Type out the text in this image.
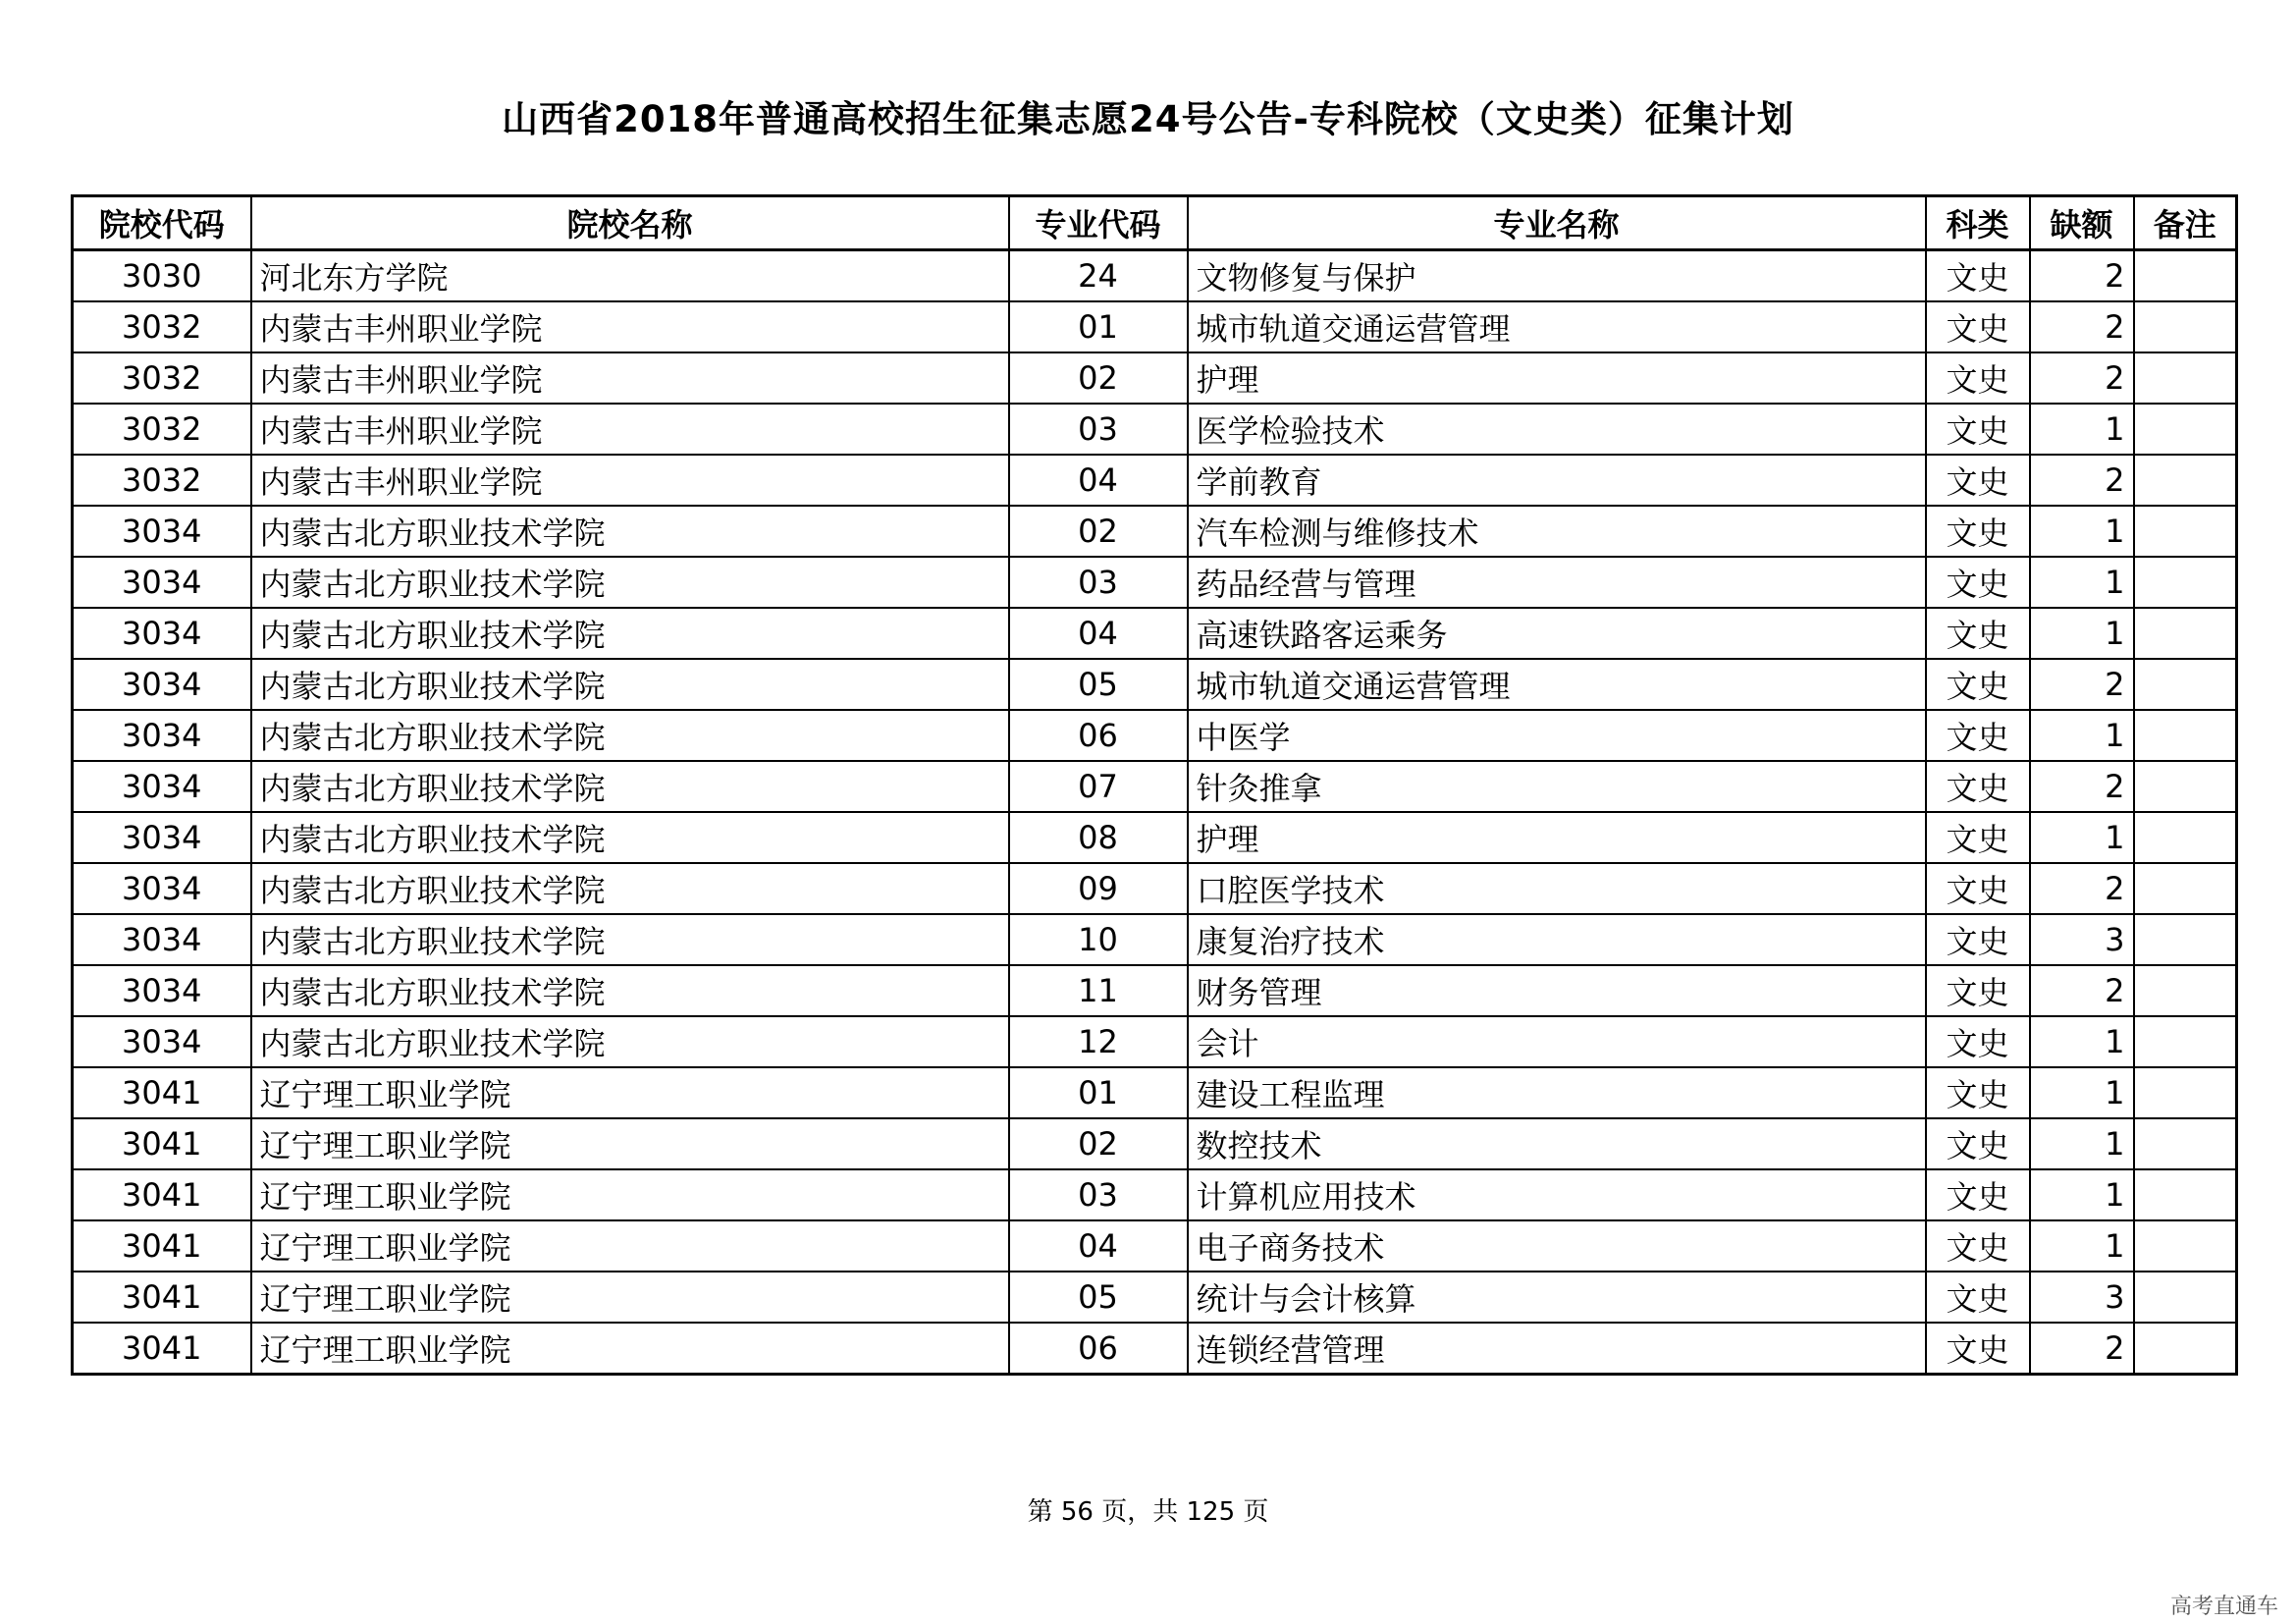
山西省2018年普通高校招生征集志愿24号公告-专科院校（文史类）征集计划
院校代码	院校名称	专业代码	专业名称	科类	缺额	备注
3030	河北东方学院	24	文物修复与保护	文史	2	
3032	内蒙古丰州职业学院	01	城市轨道交通运营管理	文史	2	
3032	内蒙古丰州职业学院	02	护理	文史	2	
3032	内蒙古丰州职业学院	03	医学检验技术	文史	1	
3032	内蒙古丰州职业学院	04	学前教育	文史	2	
3034	内蒙古北方职业技术学院	02	汽车检测与维修技术	文史	1	
3034	内蒙古北方职业技术学院	03	药品经营与管理	文史	1	
3034	内蒙古北方职业技术学院	04	高速铁路客运乘务	文史	1	
3034	内蒙古北方职业技术学院	05	城市轨道交通运营管理	文史	2	
3034	内蒙古北方职业技术学院	06	中医学	文史	1	
3034	内蒙古北方职业技术学院	07	针灸推拿	文史	2	
3034	内蒙古北方职业技术学院	08	护理	文史	1	
3034	内蒙古北方职业技术学院	09	口腔医学技术	文史	2	
3034	内蒙古北方职业技术学院	10	康复治疗技术	文史	3	
3034	内蒙古北方职业技术学院	11	财务管理	文史	2	
3034	内蒙古北方职业技术学院	12	会计	文史	1	
3041	辽宁理工职业学院	01	建设工程监理	文史	1	
3041	辽宁理工职业学院	02	数控技术	文史	1	
3041	辽宁理工职业学院	03	计算机应用技术	文史	1	
3041	辽宁理工职业学院	04	电子商务技术	文史	1	
3041	辽宁理工职业学院	05	统计与会计核算	文史	3	
3041	辽宁理工职业学院	06	连锁经营管理	文史	2	
第 56 页，共 125 页
高考直通车
